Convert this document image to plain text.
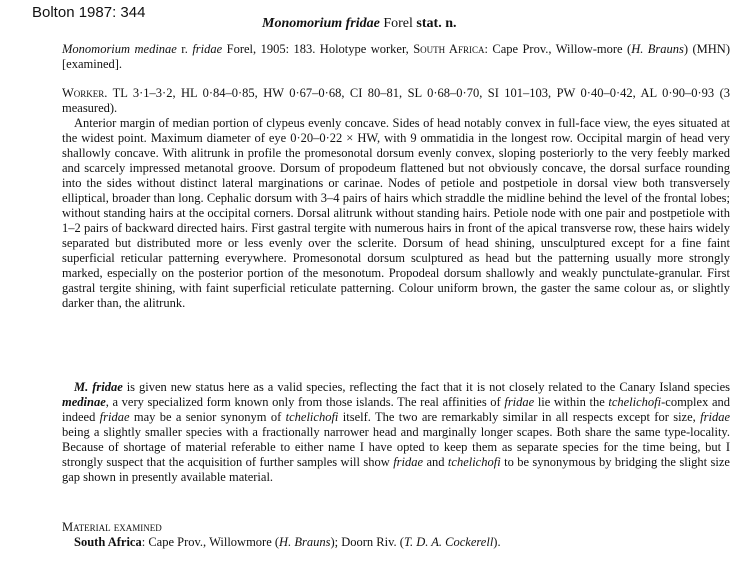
Bolton 1987: 344
Monomorium fridae Forel stat. n.

Monomorium medinae r. fridae Forel, 1905: 183. Holotype worker, South Africa: Cape Prov., Willow-more (H. Brauns) (MHN) [examined].

Worker. TL 3·1–3·2, HL 0·84–0·85, HW 0·67–0·68, CI 80–81, SL 0·68–0·70, SI 101–103, PW 0·40–0·42, AL 0·90–0·93 (3 measured).

Anterior margin of median portion of clypeus evenly concave. Sides of head notably convex in full-face view, the eyes situated at the widest point. Maximum diameter of eye 0·20–0·22 × HW, with 9 ommatidia in the longest row. Occipital margin of head very shallowly concave. With alitrunk in profile the promesonotal dorsum evenly convex, sloping posteriorly to the very feebly marked and scarcely impressed metanotal groove. Dorsum of propodeum flattened but not obviously concave, the dorsal surface rounding into the sides without distinct lateral marginations or carinae. Nodes of petiole and postpetiole in dorsal view both transversely elliptical, broader than long. Cephalic dorsum with 3–4 pairs of hairs which straddle the midline behind the level of the frontal lobes; without standing hairs at the occipital corners. Dorsal alitrunk without standing hairs. Petiole node with one pair and postpetiole with 1–2 pairs of backward directed hairs. First gastral tergite with numerous hairs in front of the apical transverse row, these hairs widely separated but distributed more or less evenly over the sclerite. Dorsum of head shining, unsculptured except for a fine faint superficial reticular patterning everywhere. Promesonotal dorsum sculptured as head but the patterning usually more strongly marked, especially on the posterior portion of the mesonotum. Propodeal dorsum shallowly and weakly punctulate-granular. First gastral tergite shining, with faint superficial reticulate patterning. Colour uniform brown, the gaster the same colour as, or slightly darker than, the alitrunk.

M. fridae is given new status here as a valid species, reflecting the fact that it is not closely related to the Canary Island species medinae, a very specialized form known only from those islands. The real affinities of fridae lie within the tchelichofi-complex and indeed fridae may be a senior synonym of tchelichofi itself. The two are remarkably similar in all respects except for size, fridae being a slightly smaller species with a fractionally narrower head and marginally longer scapes. Both share the same type-locality. Because of shortage of material referable to either name I have opted to keep them as separate species for the time being, but I strongly suspect that the acquisition of further samples will show fridae and tchelichofi to be synonymous by bridging the slight size gap shown in presently available material.

Material examined

South Africa: Cape Prov., Willowmore (H. Brauns); Doorn Riv. (T. D. A. Cockerell).
